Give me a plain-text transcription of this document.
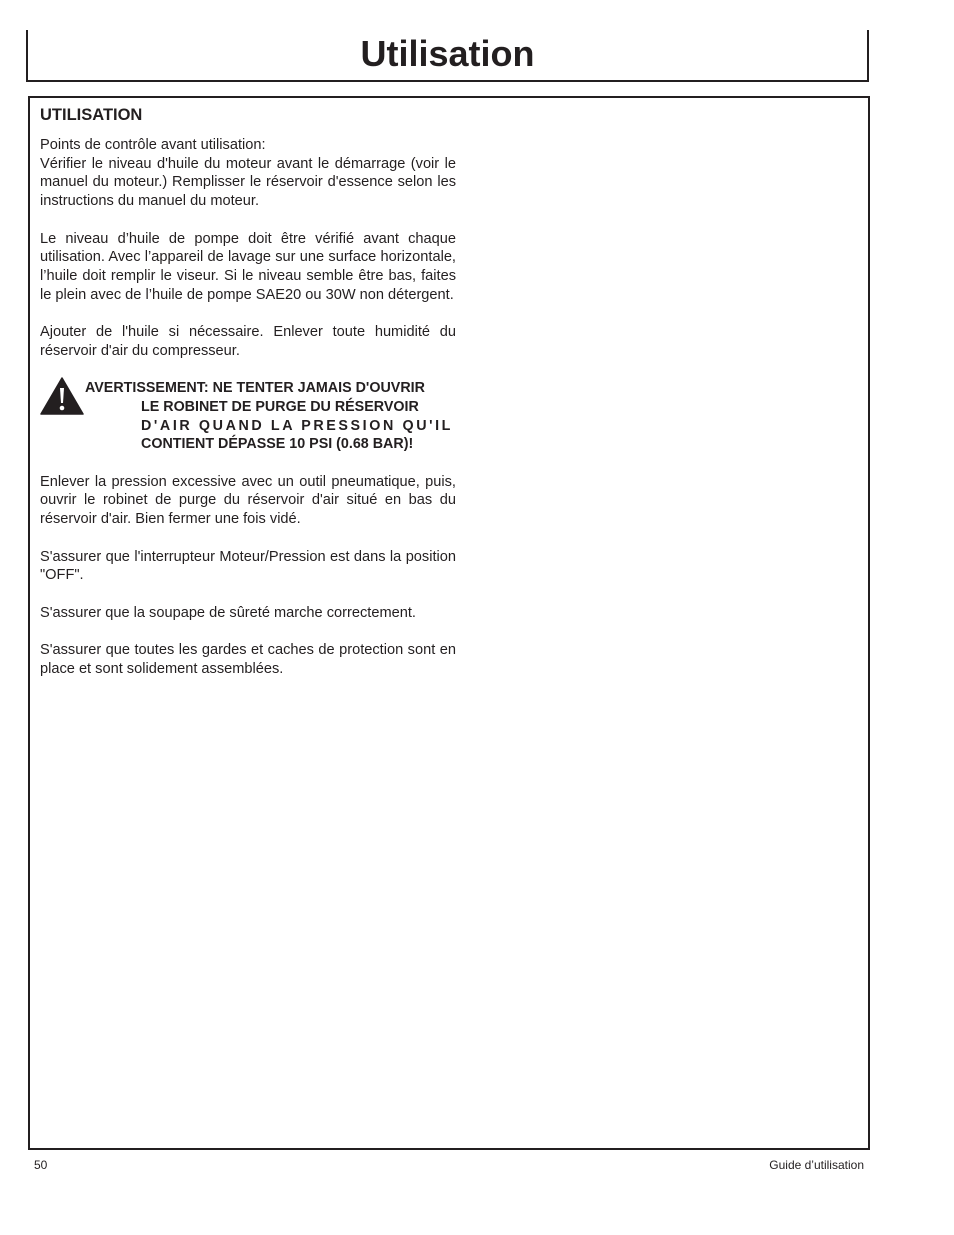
Utilisation
UTILISATION

Points de contrôle avant utilisation:
Vérifier le niveau d'huile du moteur avant le démarrage (voir le manuel du moteur.) Remplisser le réservoir d'essence selon les instructions du manuel du moteur.

Le niveau d’huile de pompe doit être vérifié avant chaque utilisation. Avec l’appareil de lavage sur une surface horizontale, l’huile doit remplir le viseur. Si le niveau semble être bas, faites le plein avec de l’huile de pompe SAE20 ou 30W non détergent.

Ajouter de l'huile si nécessaire. Enlever toute humidité du réservoir d'air du compresseur.

AVERTISSEMENT: NE TENTER JAMAIS D'OUVRIR
LE ROBINET DE PURGE DU RÉSERVOIR
D'AIR QUAND LA PRESSION QU'IL
CONTIENT DÉPASSE 10 PSI (0.68 BAR)!

Enlever la pression excessive avec un outil pneumatique, puis, ouvrir le robinet de purge du réservoir d'air situé en bas du réservoir d'air. Bien fermer une fois vidé.

S'assurer que l'interrupteur Moteur/Pression est dans la position "OFF".

S'assurer que la soupape de sûreté marche correctement.

S'assurer que toutes les gardes et caches de protection sont en place et sont solidement assemblées.

50	Guide d’utilisation
